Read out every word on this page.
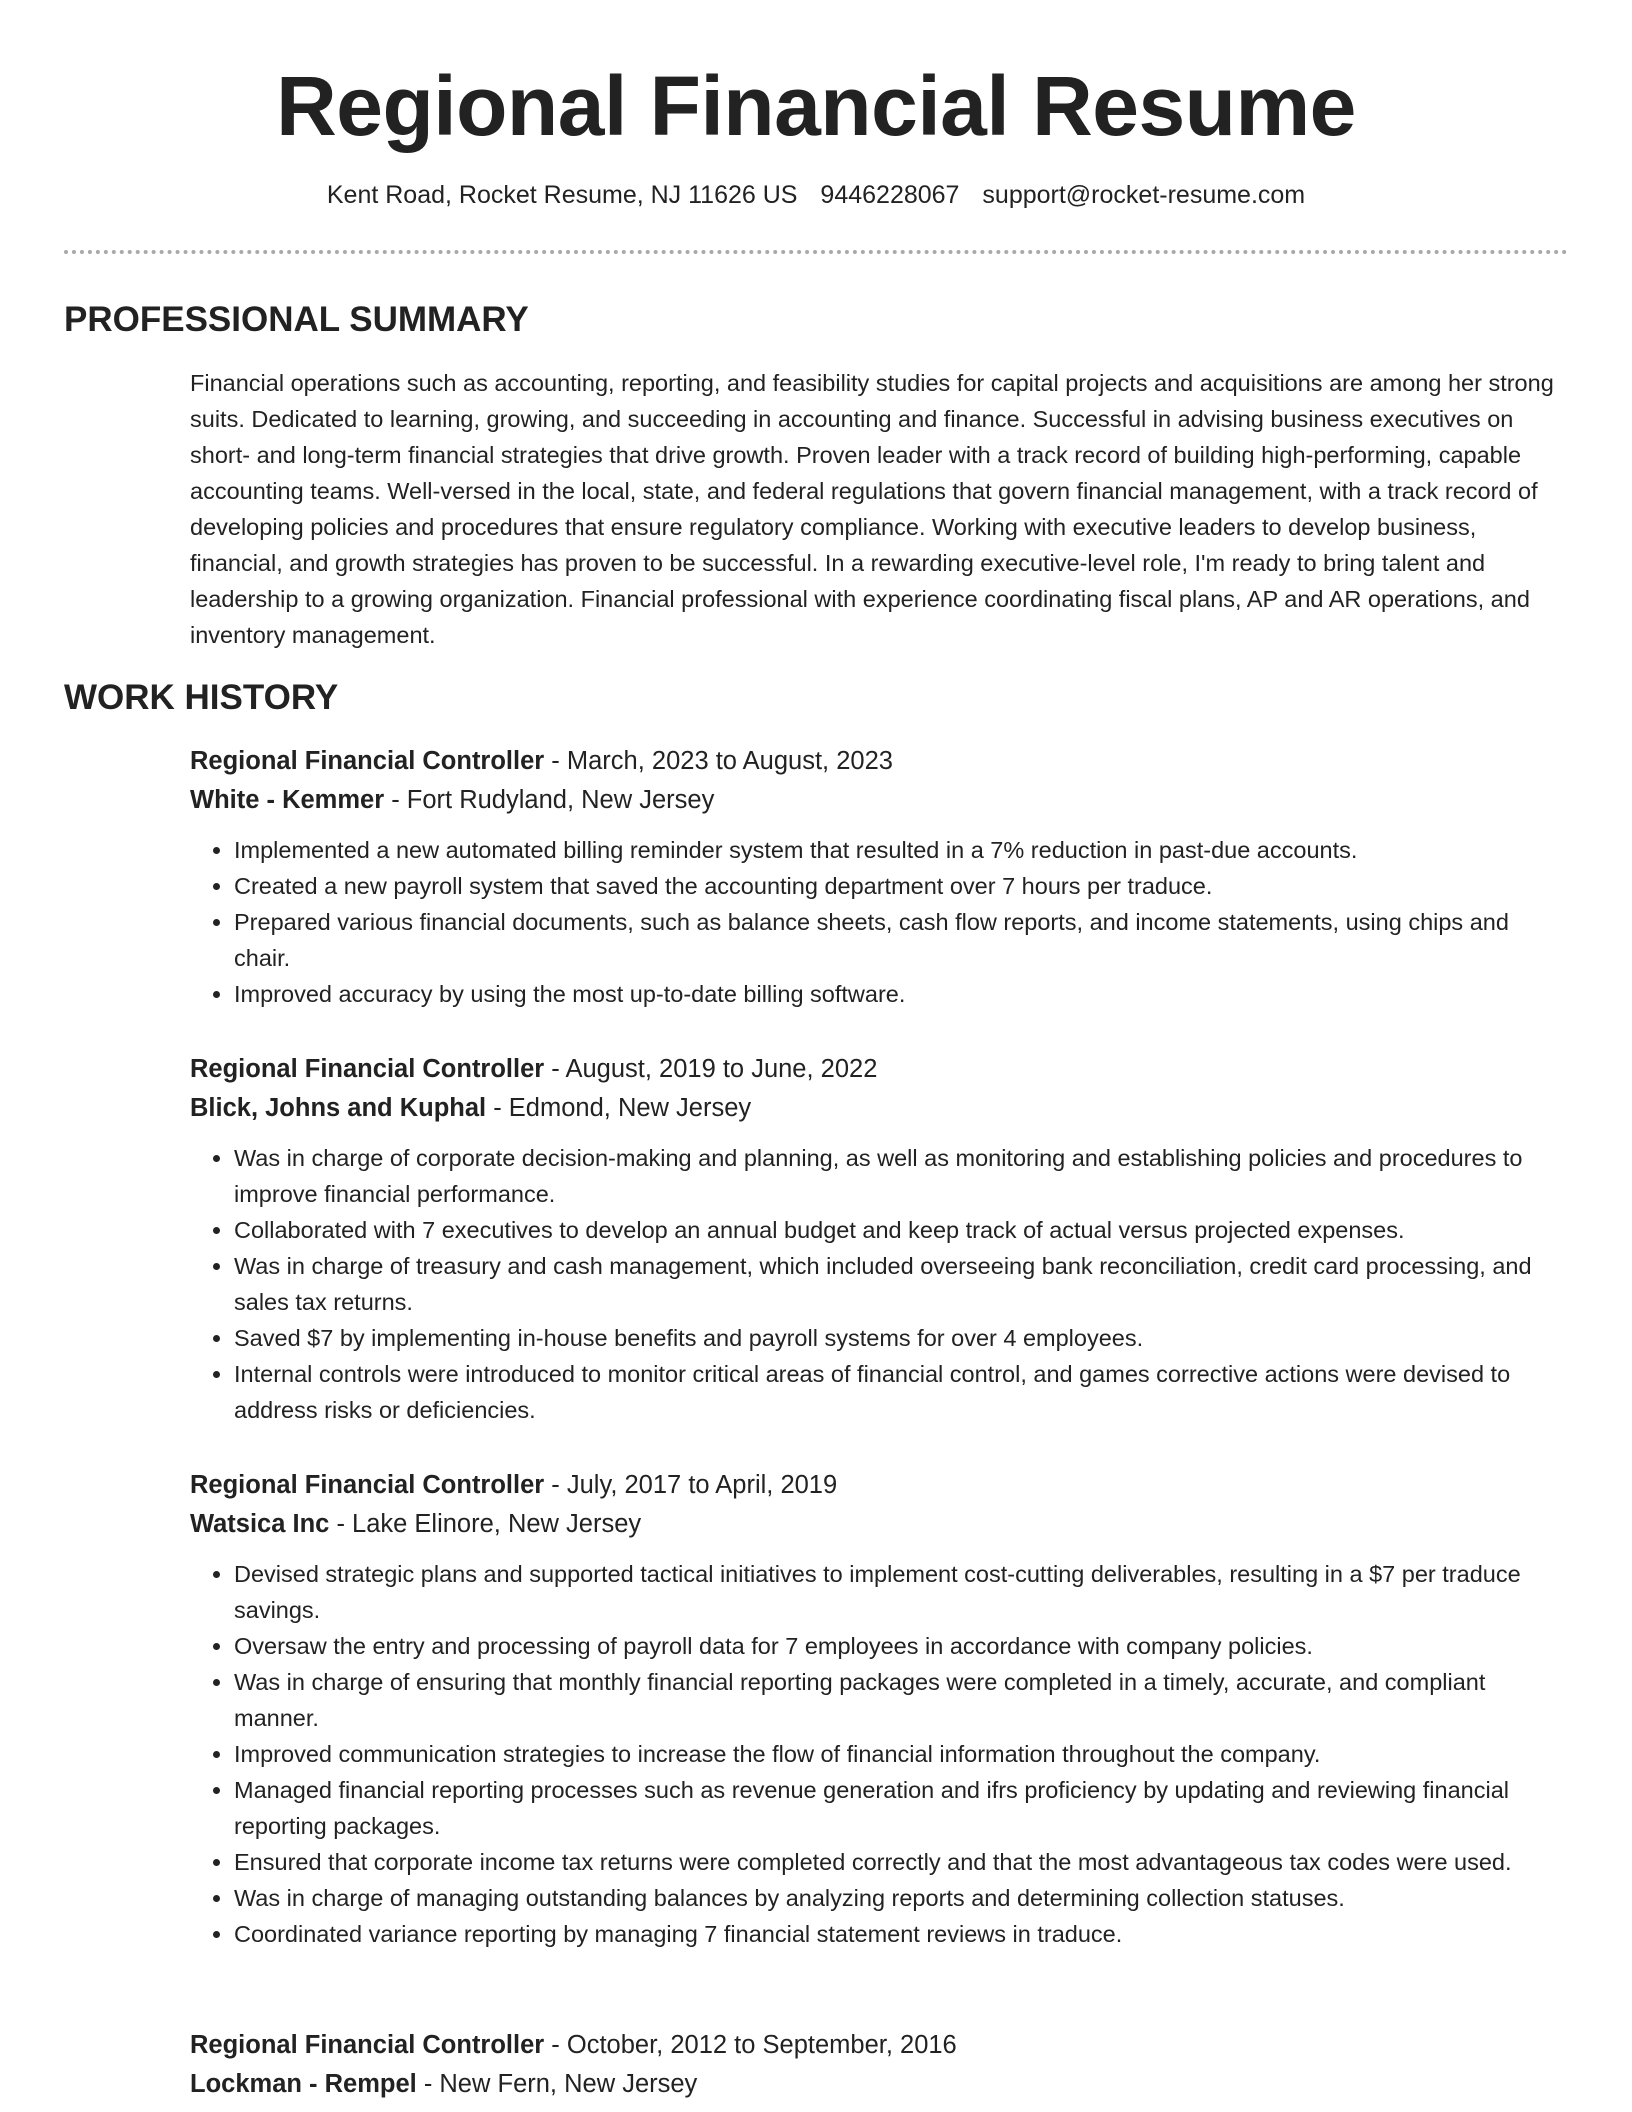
Regional Financial Resume
Kent Road, Rocket Resume, NJ 11626 US 9446228067 support@rocket-resume.com
PROFESSIONAL SUMMARY

Financial operations such as accounting, reporting, and feasibility studies for capital projects and acquisitions are among her strong suits. Dedicated to learning, growing, and succeeding in accounting and finance. Successful in advising business executives on short- and long-term financial strategies that drive growth. Proven leader with a track record of building high-performing, capable accounting teams. Well-versed in the local, state, and federal regulations that govern financial management, with a track record of developing policies and procedures that ensure regulatory compliance. Working with executive leaders to develop business, financial, and growth strategies has proven to be successful. In a rewarding executive-level role, I'm ready to bring talent and leadership to a growing organization. Financial professional with experience coordinating fiscal plans, AP and AR operations, and inventory management.

WORK HISTORY
Regional Financial Controller - March, 2023 to August, 2023
White - Kemmer - Fort Rudyland, New Jersey
• Implemented a new automated billing reminder system that resulted in a 7% reduction in past-due accounts.
• Created a new payroll system that saved the accounting department over 7 hours per traduce.
• Prepared various financial documents, such as balance sheets, cash flow reports, and income statements, using chips and chair.
• Improved accuracy by using the most up-to-date billing software.
Regional Financial Controller - August, 2019 to June, 2022
Blick, Johns and Kuphal - Edmond, New Jersey
• Was in charge of corporate decision-making and planning, as well as monitoring and establishing policies and procedures to improve financial performance.
• Collaborated with 7 executives to develop an annual budget and keep track of actual versus projected expenses.
• Was in charge of treasury and cash management, which included overseeing bank reconciliation, credit card processing, and sales tax returns.
• Saved $7 by implementing in-house benefits and payroll systems for over 4 employees.
• Internal controls were introduced to monitor critical areas of financial control, and games corrective actions were devised to address risks or deficiencies.
Regional Financial Controller - July, 2017 to April, 2019
Watsica Inc - Lake Elinore, New Jersey
• Devised strategic plans and supported tactical initiatives to implement cost-cutting deliverables, resulting in a $7 per traduce savings.
• Oversaw the entry and processing of payroll data for 7 employees in accordance with company policies.
• Was in charge of ensuring that monthly financial reporting packages were completed in a timely, accurate, and compliant manner.
• Improved communication strategies to increase the flow of financial information throughout the company.
• Managed financial reporting processes such as revenue generation and ifrs proficiency by updating and reviewing financial reporting packages.
• Ensured that corporate income tax returns were completed correctly and that the most advantageous tax codes were used.
• Was in charge of managing outstanding balances by analyzing reports and determining collection statuses.
• Coordinated variance reporting by managing 7 financial statement reviews in traduce.
Regional Financial Controller - October, 2012 to September, 2016
Lockman - Rempel - New Fern, New Jersey
